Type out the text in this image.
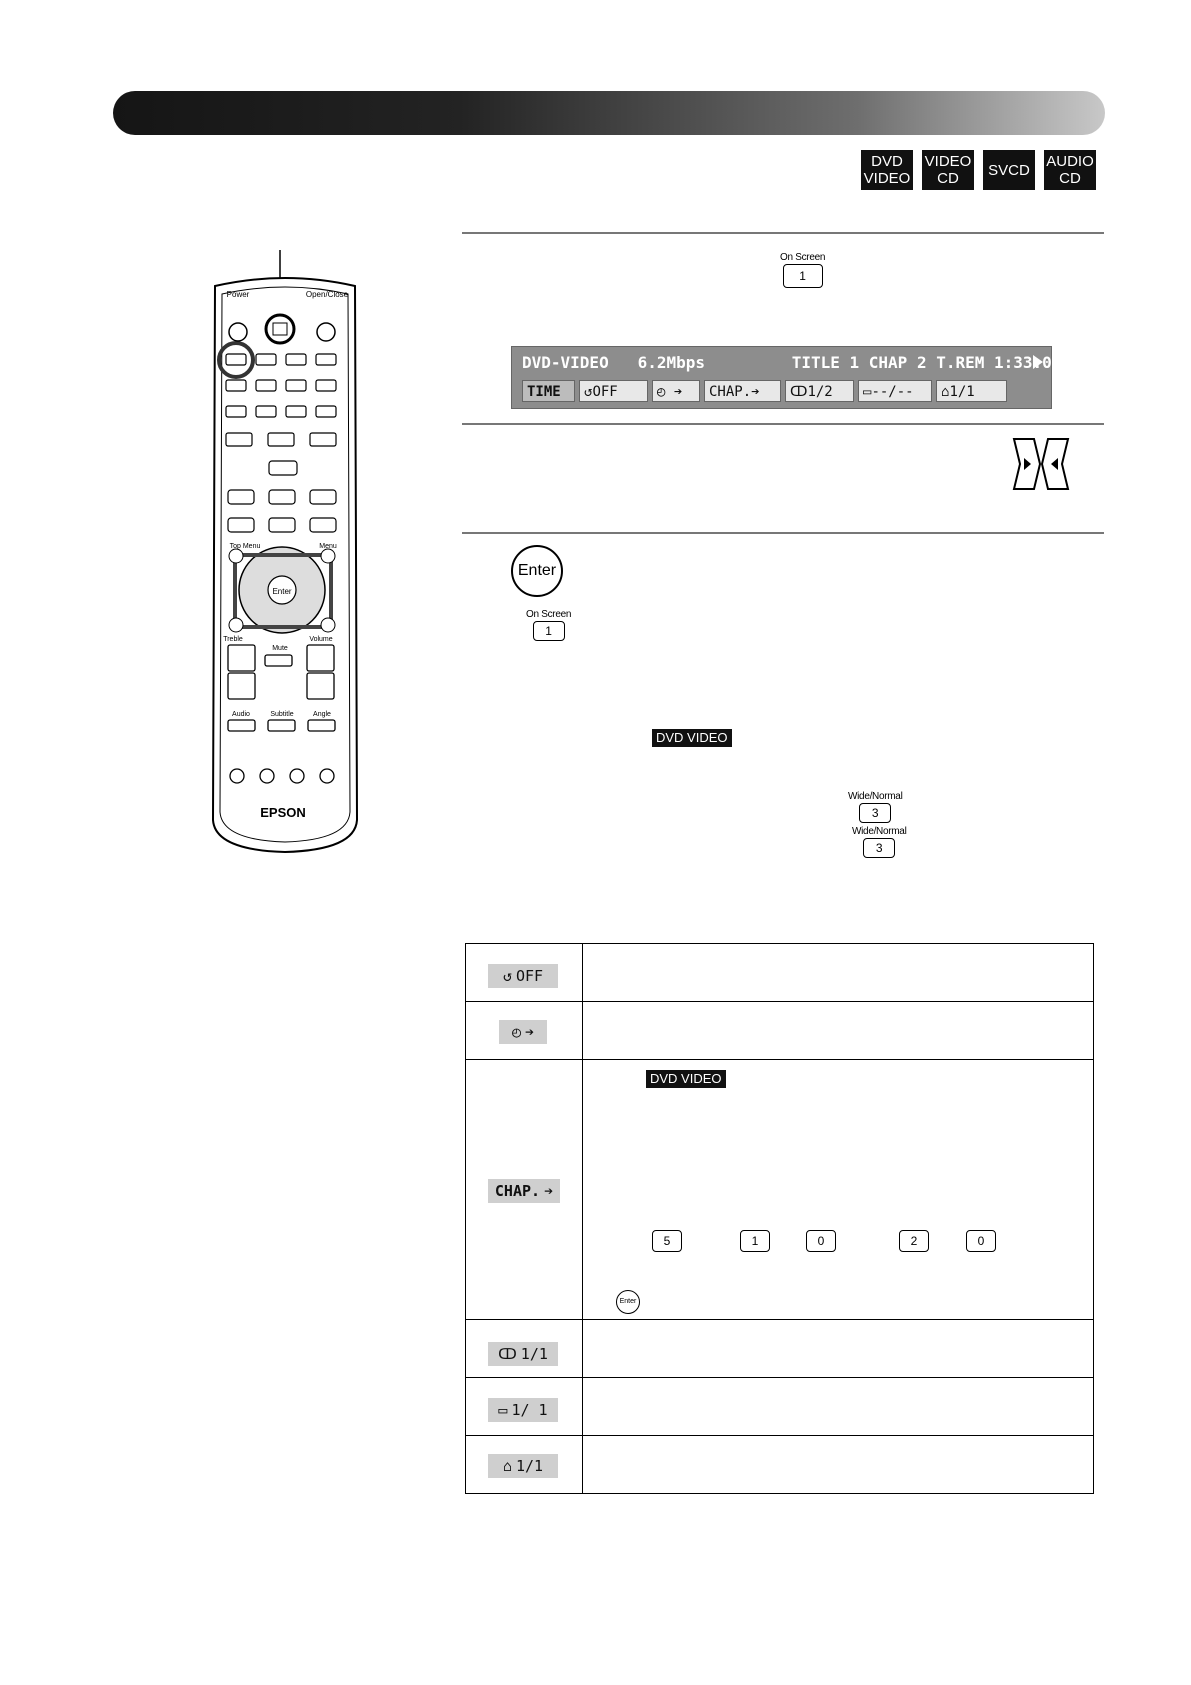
DVD
VIDEO
VIDEO
CD SVCD AUDIO
CD
On Screen
1
DVD-VIDEO   6.2Mbps         TITLE 1 CHAP 2 T.REM 1:33:06
TIME	↺OFF	◴ ➔	CHAP.➔	ↀ1/2	▭--/--	⌂1/1
Enter
On Screen
1
DVD VIDEO
Wide/Normal
3
Wide/Normal
3
↺ OFF
◴ ➔
CHAP. ➔
DVD VIDEO
Enter
ↀ 1/1
▭ 1/ 1
⌂ 1/1
5	1	0	2	0
EPSON
Enter
Power	Open/Close
Top Menu	Menu
Treble
Mute
Volume
Audio	Subtitle	Angle
